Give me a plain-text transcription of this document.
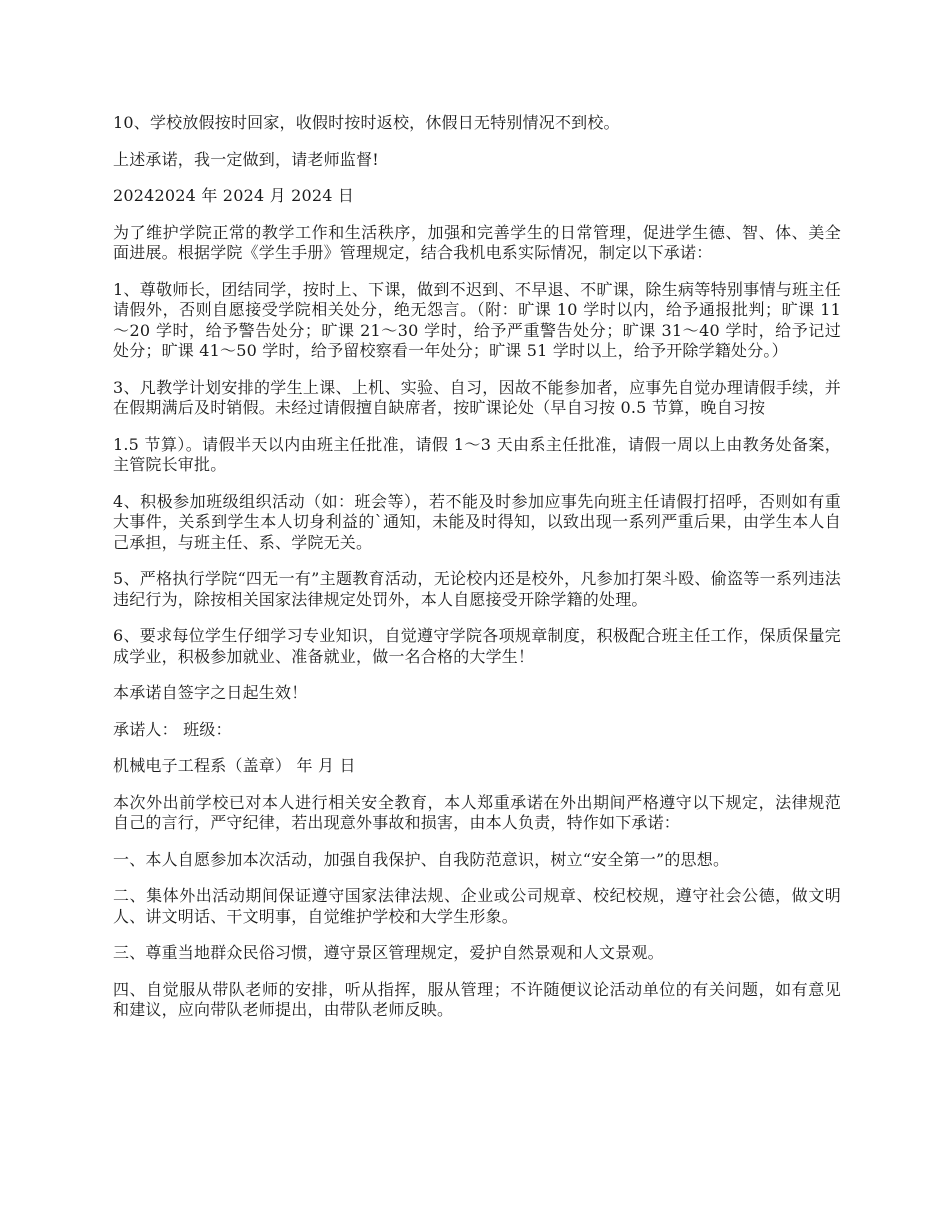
10、学校放假按时回家，收假时按时返校，休假日无特别情况不到校。

上述承诺，我一定做到，请老师监督!

20242024 年 2024 月 2024 日

为了维护学院正常的教学工作和生活秩序，加强和完善学生的日常管理，促进学生德、智、体、美全面进展。根据学院《学生手册》管理规定，结合我机电系实际情况，制定以下承诺：

1、尊敬师长，团结同学，按时上、下课，做到不迟到、不早退、不旷课，除生病等特别事情与班主任请假外，否则自愿接受学院相关处分，绝无怨言。（附：旷课 10 学时以内，给予通报批判；旷课 11～20 学时，给予警告处分；旷课 21～30 学时，给予严重警告处分；旷课 31～40 学时，给予记过处分；旷课 41～50 学时，给予留校察看一年处分；旷课 51 学时以上，给予开除学籍处分。）

3、凡教学计划安排的学生上课、上机、实验、自习，因故不能参加者，应事先自觉办理请假手续，并在假期满后及时销假。未经过请假擅自缺席者，按旷课论处（早自习按 0.5 节算，晚自习按

1.5 节算）。请假半天以内由班主任批准，请假 1～3 天由系主任批准，请假一周以上由教务处备案，主管院长审批。

4、积极参加班级组织活动（如：班会等），若不能及时参加应事先向班主任请假打招呼，否则如有重大事件，关系到学生本人切身利益的`通知，未能及时得知，以致出现一系列严重后果，由学生本人自己承担，与班主任、系、学院无关。

5、严格执行学院“四无一有”主题教育活动，无论校内还是校外，凡参加打架斗殴、偷盗等一系列违法违纪行为，除按相关国家法律规定处罚外，本人自愿接受开除学籍的处理。

6、要求每位学生仔细学习专业知识，自觉遵守学院各项规章制度，积极配合班主任工作，保质保量完成学业，积极参加就业、准备就业，做一名合格的大学生！

本承诺自签字之日起生效！

承诺人： 班级：

机械电子工程系（盖章） 年 月 日

本次外出前学校已对本人进行相关安全教育，本人郑重承诺在外出期间严格遵守以下规定，法律规范自己的言行，严守纪律，若出现意外事故和损害，由本人负责，特作如下承诺：

一、本人自愿参加本次活动，加强自我保护、自我防范意识，树立“安全第一”的思想。

二、集体外出活动期间保证遵守国家法律法规、企业或公司规章、校纪校规，遵守社会公德，做文明人、讲文明话、干文明事，自觉维护学校和大学生形象。

三、尊重当地群众民俗习惯，遵守景区管理规定，爱护自然景观和人文景观。

四、自觉服从带队老师的安排，听从指挥，服从管理；不许随便议论活动单位的有关问题，如有意见和建议，应向带队老师提出，由带队老师反映。
